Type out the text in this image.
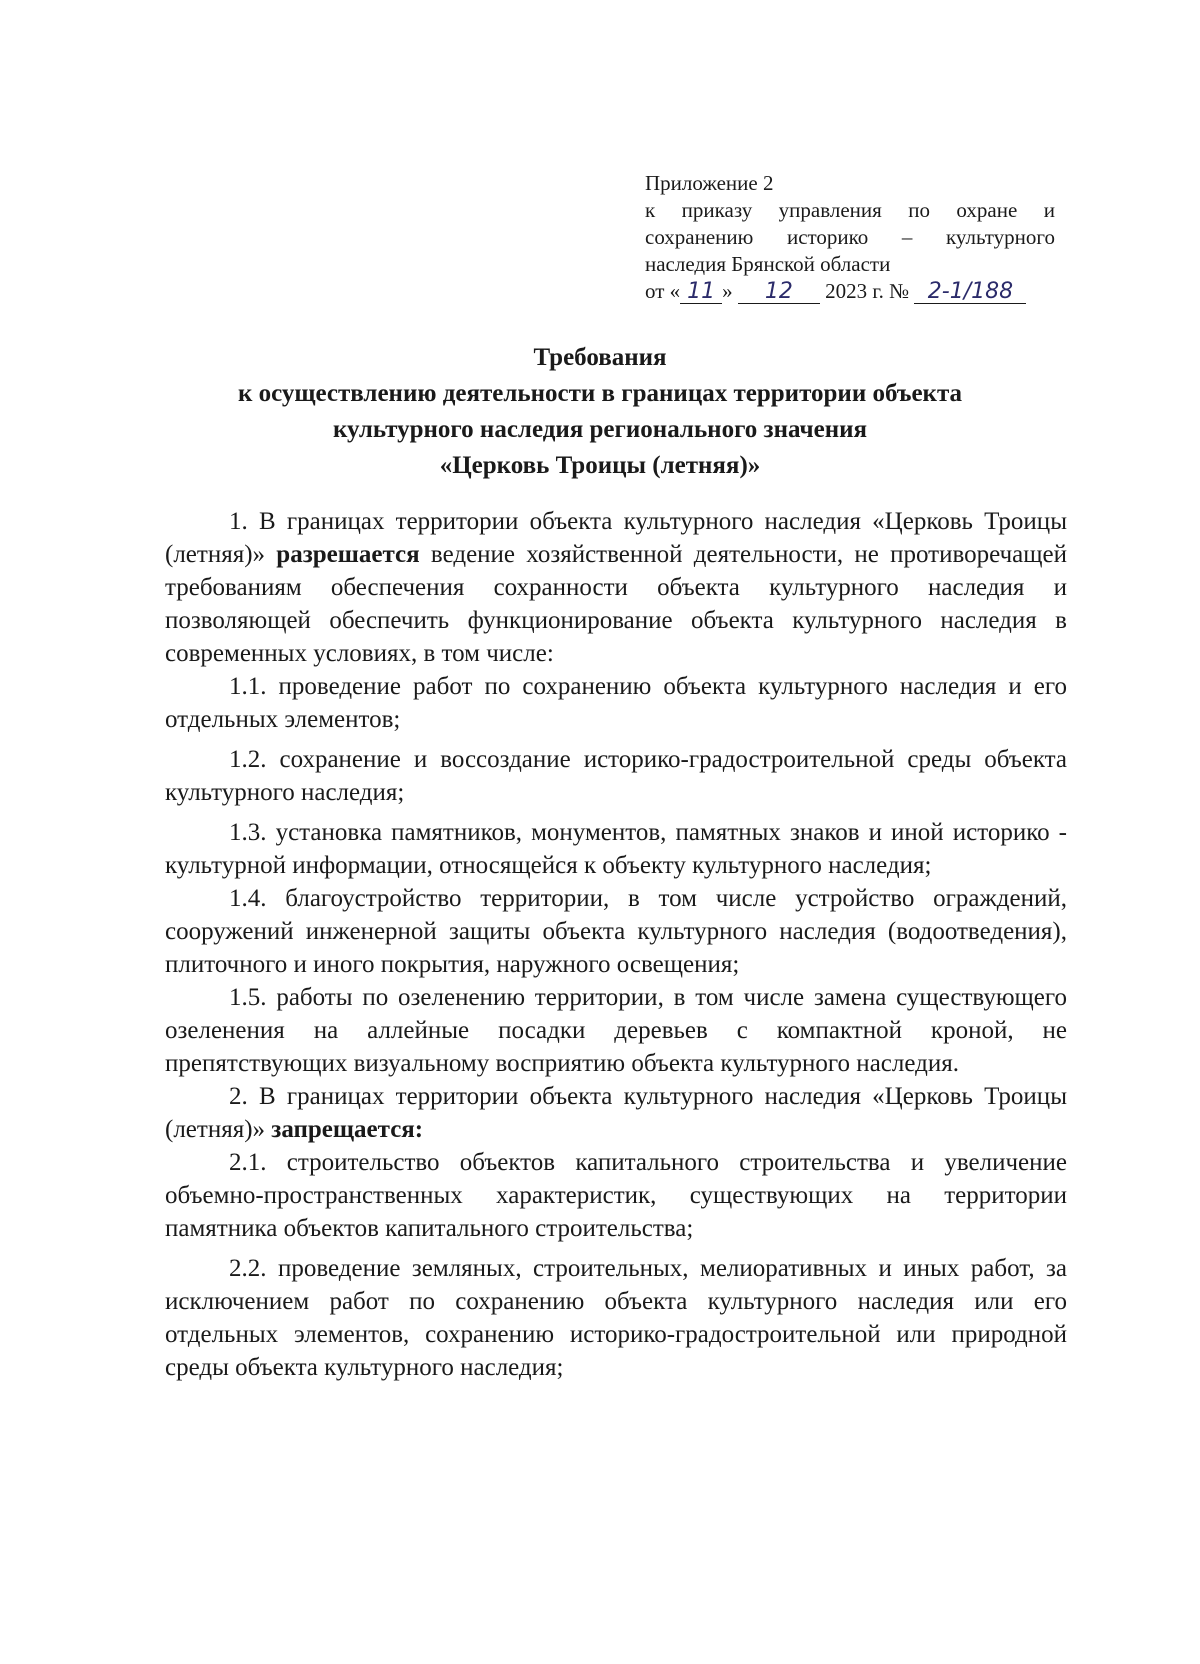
Приложение 2
к приказу управления по охране и
сохранению историко – культурного
наследия Брянской области
от « 11 » 12 2023 г. № 2-1/188
Требования
к осуществлению деятельности в границах территории объекта
культурного наследия регионального значения
«Церковь Троицы (летняя)»

1. В границах территории объекта культурного наследия «Церковь Троицы (летняя)» разрешается ведение хозяйственной деятельности, не противоречащей требованиям обеспечения сохранности объекта культурного наследия и позволяющей обеспечить функционирование объекта культурного наследия в современных условиях, в том числе:

1.1. проведение работ по сохранению объекта культурного наследия и его отдельных элементов;

1.2. сохранение и воссоздание историко-градостроительной среды объекта культурного наследия;

1.3. установка памятников, монументов, памятных знаков и иной историко - культурной информации, относящейся к объекту культурного наследия;

1.4. благоустройство территории, в том числе устройство ограждений, сооружений инженерной защиты объекта культурного наследия (водоотведения), плиточного и иного покрытия, наружного освещения;

1.5. работы по озеленению территории, в том числе замена существующего озеленения на аллейные посадки деревьев с компактной кроной, не препятствующих визуальному восприятию объекта культурного наследия.

2. В границах территории объекта культурного наследия «Церковь Троицы (летняя)» запрещается:

2.1. строительство объектов капитального строительства и увеличение объемно-пространственных характеристик, существующих на территории памятника объектов капитального строительства;

2.2. проведение земляных, строительных, мелиоративных и иных работ, за исключением работ по сохранению объекта культурного наследия или его отдельных элементов, сохранению историко-градостроительной или природной среды объекта культурного наследия;
